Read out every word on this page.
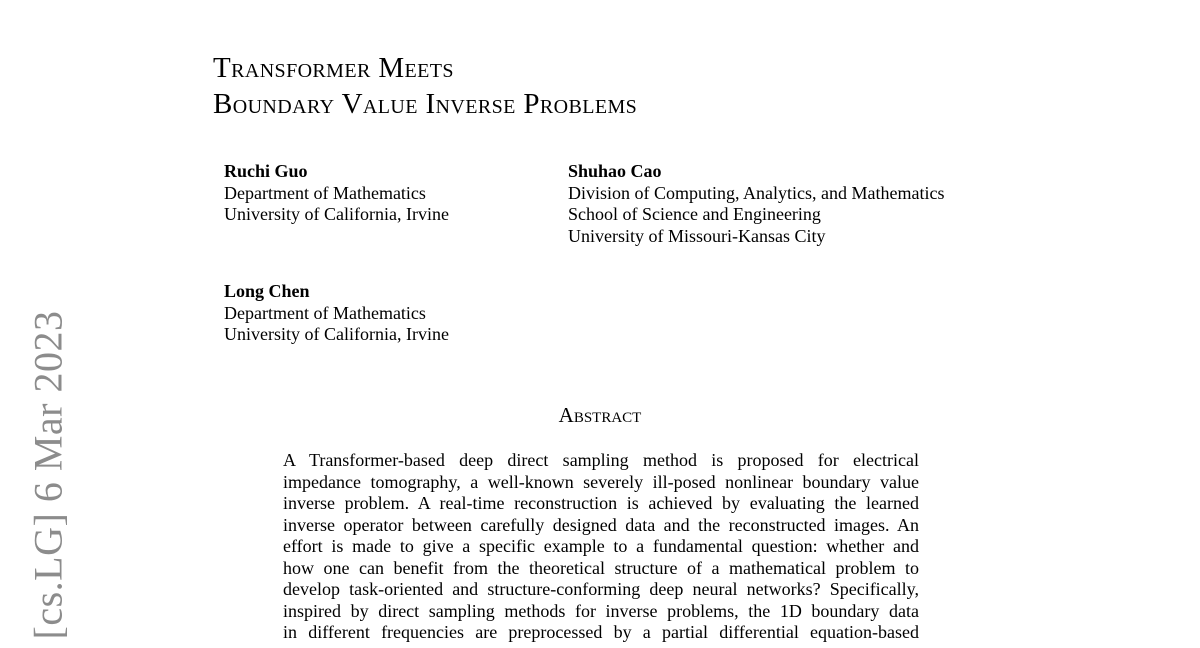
Transformer Meets
Boundary Value Inverse Problems
Ruchi Guo
Department of Mathematics
University of California, Irvine
Shuhao Cao
Division of Computing, Analytics, and Mathematics
School of Science and Engineering
University of Missouri-Kansas City
Long Chen
Department of Mathematics
University of California, Irvine
Abstract
A Transformer-based deep direct sampling method is proposed for electrical
impedance tomography, a well-known severely ill-posed nonlinear boundary value
inverse problem. A real-time reconstruction is achieved by evaluating the learned
inverse operator between carefully designed data and the reconstructed images. An
effort is made to give a specific example to a fundamental question: whether and
how one can benefit from the theoretical structure of a mathematical problem to
develop task-oriented and structure-conforming deep neural networks? Specifically,
inspired by direct sampling methods for inverse problems, the 1D boundary data
in different frequencies are preprocessed by a partial differential equation-based
[cs.LG] 6 Mar 2023
